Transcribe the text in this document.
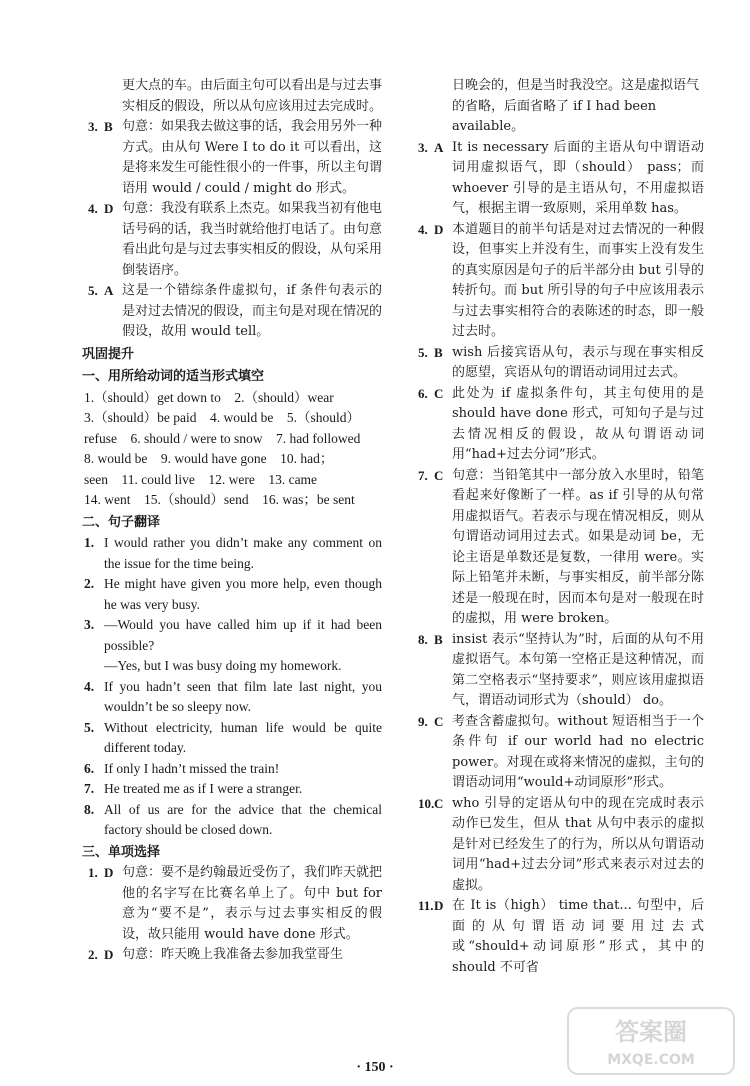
更大点的车。由后面主句可以看出是与过去事实相反的假设，所以从句应该用过去完成时。

3. B 句意：如果我去做这事的话，我会用另外一种方式。由从句 Were I to do it 可以看出，这是将来发生可能性很小的一件事，所以主句谓语用 would / could / might do 形式。

4. D 句意：我没有联系上杰克。如果我当初有他电话号码的话，我当时就给他打电话了。由句意看出此句是与过去事实相反的假设，从句采用倒装语序。

5. A 这是一个错综条件虚拟句，if 条件句表示的是对过去情况的假设，而主句是对现在情况的假设，故用 would tell。

巩固提升

一、用所给动词的适当形式填空

1.（should）get down to　2.（should）wear

3.（should）be paid　4. would be　5.（should）

refuse　6. should / were to snow　7. had followed

8. would be　9. would have gone　10. had；

seen　11. could live　12. were　13. came

14. went　15.（should）send　16. was；be sent

二、句子翻译

1. I would rather you didn’t make any comment on the issue for the time being.

2. He might have given you more help, even though he was very busy.

3. —Would you have called him up if it had been possible?

—Yes, but I was busy doing my homework.

4. If you hadn’t seen that film late last night, you wouldn’t be so sleepy now.

5. Without electricity, human life would be quite different today.

6. If only I hadn’t missed the train!

7. He treated me as if I were a stranger.

8. All of us are for the advice that the chemical factory should be closed down.

三、单项选择

1. D 句意：要不是约翰最近受伤了，我们昨天就把他的名字写在比赛名单上了。句中 but for 意为“要不是”，表示与过去事实相反的假设，故只能用 would have done 形式。

2. D 句意：昨天晚上我准备去参加我堂哥生

日晚会的，但是当时我没空。这是虚拟语气的省略，后面省略了 if I had been available。

3. A It is necessary 后面的主语从句中谓语动词用虚拟语气，即（should） pass；而 whoever 引导的是主语从句，不用虚拟语气，根据主谓一致原则，采用单数 has。

4. D 本道题目的前半句话是对过去情况的一种假设，但事实上并没有生，而事实上没有发生的真实原因是句子的后半部分由 but 引导的转折句。而 but 所引导的句子中应该用表示与过去事实相符合的表陈述的时态，即一般过去时。

5. B wish 后接宾语从句，表示与现在事实相反的愿望，宾语从句的谓语动词用过去式。

6. C 此处为 if 虚拟条件句，其主句使用的是 should have done 形式，可知句子是与过去情况相反的假设，故从句谓语动词用“had+过去分词”形式。

7. C 句意：当铅笔其中一部分放入水里时，铅笔看起来好像断了一样。as if 引导的从句常用虚拟语气。若表示与现在情况相反，则从句谓语动词用过去式。如果是动词 be，无论主语是单数还是复数，一律用 were。实际上铅笔并未断，与事实相反，前半部分陈述是一般现在时，因而本句是对一般现在时的虚拟，用 were broken。

8. B insist 表示“坚持认为”时，后面的从句不用虚拟语气。本句第一空格正是这种情况，而第二空格表示“坚持要求”，则应该用虚拟语气，谓语动词形式为（should） do。

9. C 考查含蓄虚拟句。without 短语相当于一个条件句 if our world had no electric power。对现在或将来情况的虚拟，主句的谓语动词用“would+动词原形”形式。

10. C who 引导的定语从句中的现在完成时表示动作已发生，但从 that 从句中表示的虚拟是针对已经发生了的行为，所以从句谓语动词用“had+过去分词”形式来表示对过去的虚拟。

11. D 在 It is（high） time that... 句型中，后面的从句谓语动词要用过去式或“should+动词原形”形式，其中的 should 不可省

· 150 ·
答案圈 MXQE.COM
